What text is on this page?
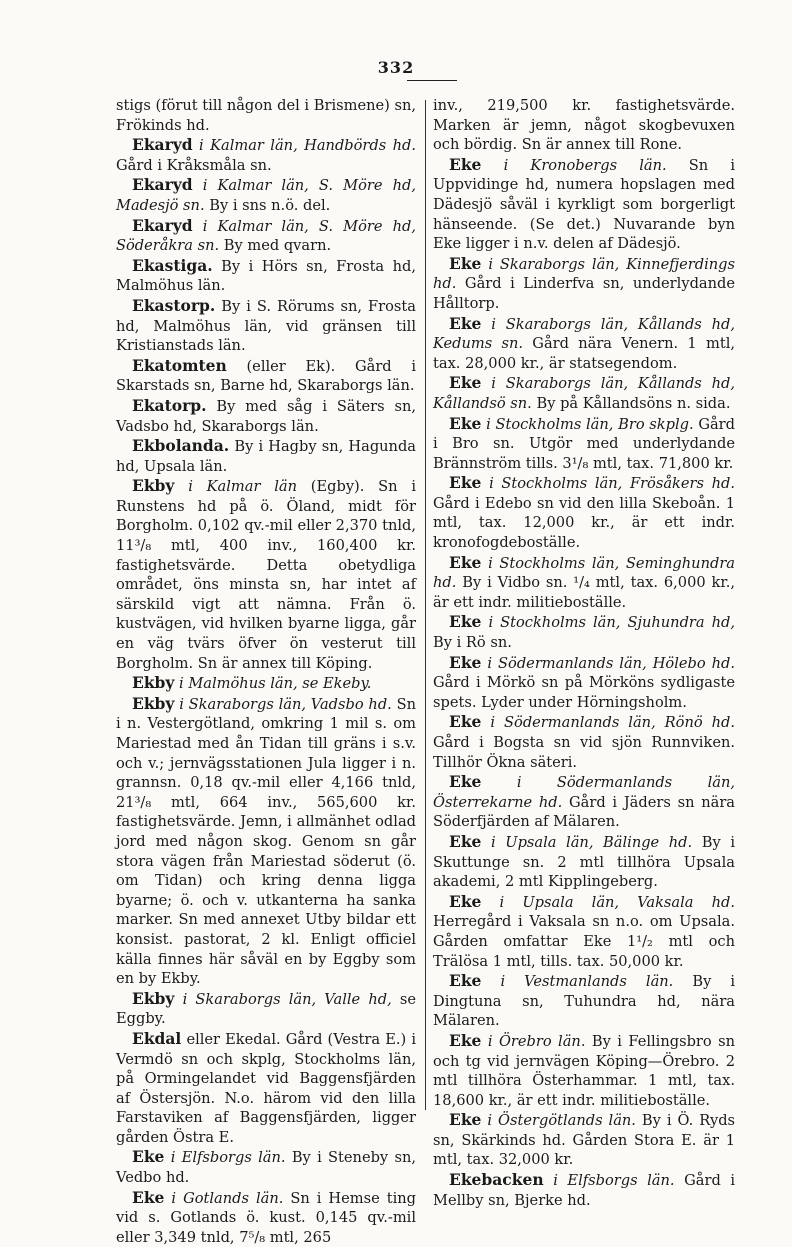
332

stigs (förut till någon del i Brismene) sn, Frökinds hd.

Ekaryd i Kalmar län, Handbörds hd. Gård i Kråksmåla sn.

Ekaryd i Kalmar län, S. Möre hd, Madesjö sn. By i sns n.ö. del.

Ekaryd i Kalmar län, S. Möre hd, Söderåkra sn. By med qvarn.

Ekastiga. By i Hörs sn, Frosta hd, Malmöhus län.

Ekastorp. By i S. Rörums sn, Frosta hd, Malmöhus län, vid gränsen till Kristianstads län.

Ekatomten (eller Ek). Gård i Skarstads sn, Barne hd, Skaraborgs län.

Ekatorp. By med såg i Säters sn, Vadsbo hd, Skaraborgs län.

Ekbolanda. By i Hagby sn, Hagunda hd, Upsala län.

Ekby i Kalmar län (Egby). Sn i Runstens hd på ö. Öland, midt för Borgholm. 0,102 qv.-mil eller 2,370 tnld, 11³/₈ mtl, 400 inv., 160,400 kr. fastighetsvärde. Detta obetydliga området, öns minsta sn, har intet af särskild vigt att nämna. Från ö. kustvägen, vid hvilken byarne ligga, går en väg tvärs öfver ön vesterut till Borgholm. Sn är annex till Köping.

Ekby i Malmöhus län, se Ekeby.

Ekby i Skaraborgs län, Vadsbo hd. Sn i n. Vestergötland, omkring 1 mil s. om Mariestad med ån Tidan till gräns i s.v. och v.; jernvägsstationen Jula ligger i n. grannsn. 0,18 qv.-mil eller 4,166 tnld, 21³/₈ mtl, 664 inv., 565,600 kr. fastighetsvärde. Jemn, i allmänhet odlad jord med någon skog. Genom sn går stora vägen från Mariestad söderut (ö. om Tidan) och kring denna ligga byarne; ö. och v. utkanterna ha sanka marker. Sn med annexet Utby bildar ett konsist. pastorat, 2 kl. Enligt officiel källa finnes här såväl en by Eggby som en by Ekby.

Ekby i Skaraborgs län, Valle hd, se Eggby.

Ekdal eller Ekedal. Gård (Vestra E.) i Vermdö sn och skplg, Stockholms län, på Ormingelandet vid Baggensfjärden af Östersjön. N.o. härom vid den lilla Farstaviken af Baggensfjärden, ligger gården Östra E.

Eke i Elfsborgs län. By i Steneby sn, Vedbo hd.

Eke i Gotlands län. Sn i Hemse ting vid s. Gotlands ö. kust. 0,145 qv.-mil eller 3,349 tnld, 7⁵/₈ mtl, 265

inv., 219,500 kr. fastighetsvärde. Marken är jemn, något skogbevuxen och bördig. Sn är annex till Rone.

Eke i Kronobergs län. Sn i Uppvidinge hd, numera hopslagen med Dädesjö såväl i kyrkligt som borgerligt hänseende. (Se det.) Nuvarande byn Eke ligger i n.v. delen af Dädesjö.

Eke i Skaraborgs län, Kinnefjerdings hd. Gård i Linderfva sn, underlydande Hålltorp.

Eke i Skaraborgs län, Kållands hd, Kedums sn. Gård nära Venern. 1 mtl, tax. 28,000 kr., är statsegendom.

Eke i Skaraborgs län, Kållands hd, Kållandsö sn. By på Kållandsöns n. sida.

Eke i Stockholms län, Bro skplg. Gård i Bro sn. Utgör med underlydande Brännström tills. 3¹/₈ mtl, tax. 71,800 kr.

Eke i Stockholms län, Frösåkers hd. Gård i Edebo sn vid den lilla Skeboån. 1 mtl, tax. 12,000 kr., är ett indr. kronofogdeboställe.

Eke i Stockholms län, Seminghundra hd. By i Vidbo sn. ¹/₄ mtl, tax. 6,000 kr., är ett indr. militieboställe.

Eke i Stockholms län, Sjuhundra hd, By i Rö sn.

Eke i Södermanlands län, Hölebo hd. Gård i Mörkö sn på Mörköns sydligaste spets. Lyder under Hörningsholm.

Eke i Södermanlands län, Rönö hd. Gård i Bogsta sn vid sjön Runnviken. Tillhör Ökna säteri.

Eke i Södermanlands län, Österrekarne hd. Gård i Jäders sn nära Söderfjärden af Mälaren.

Eke i Upsala län, Bälinge hd. By i Skuttunge sn. 2 mtl tillhöra Upsala akademi, 2 mtl Kipplingeberg.

Eke i Upsala län, Vaksala hd. Herregård i Vaksala sn n.o. om Upsala. Gården omfattar Eke 1¹/₂ mtl och Trälösa 1 mtl, tills. tax. 50,000 kr.

Eke i Vestmanlands län. By i Dingtuna sn, Tuhundra hd, nära Mälaren.

Eke i Örebro län. By i Fellingsbro sn och tg vid jernvägen Köping—Örebro. 2 mtl tillhöra Österhammar. 1 mtl, tax. 18,600 kr., är ett indr. militieboställe.

Eke i Östergötlands län. By i Ö. Ryds sn, Skärkinds hd. Gården Stora E. är 1 mtl, tax. 32,000 kr.

Ekebacken i Elfsborgs län. Gård i Mellby sn, Bjerke hd.
